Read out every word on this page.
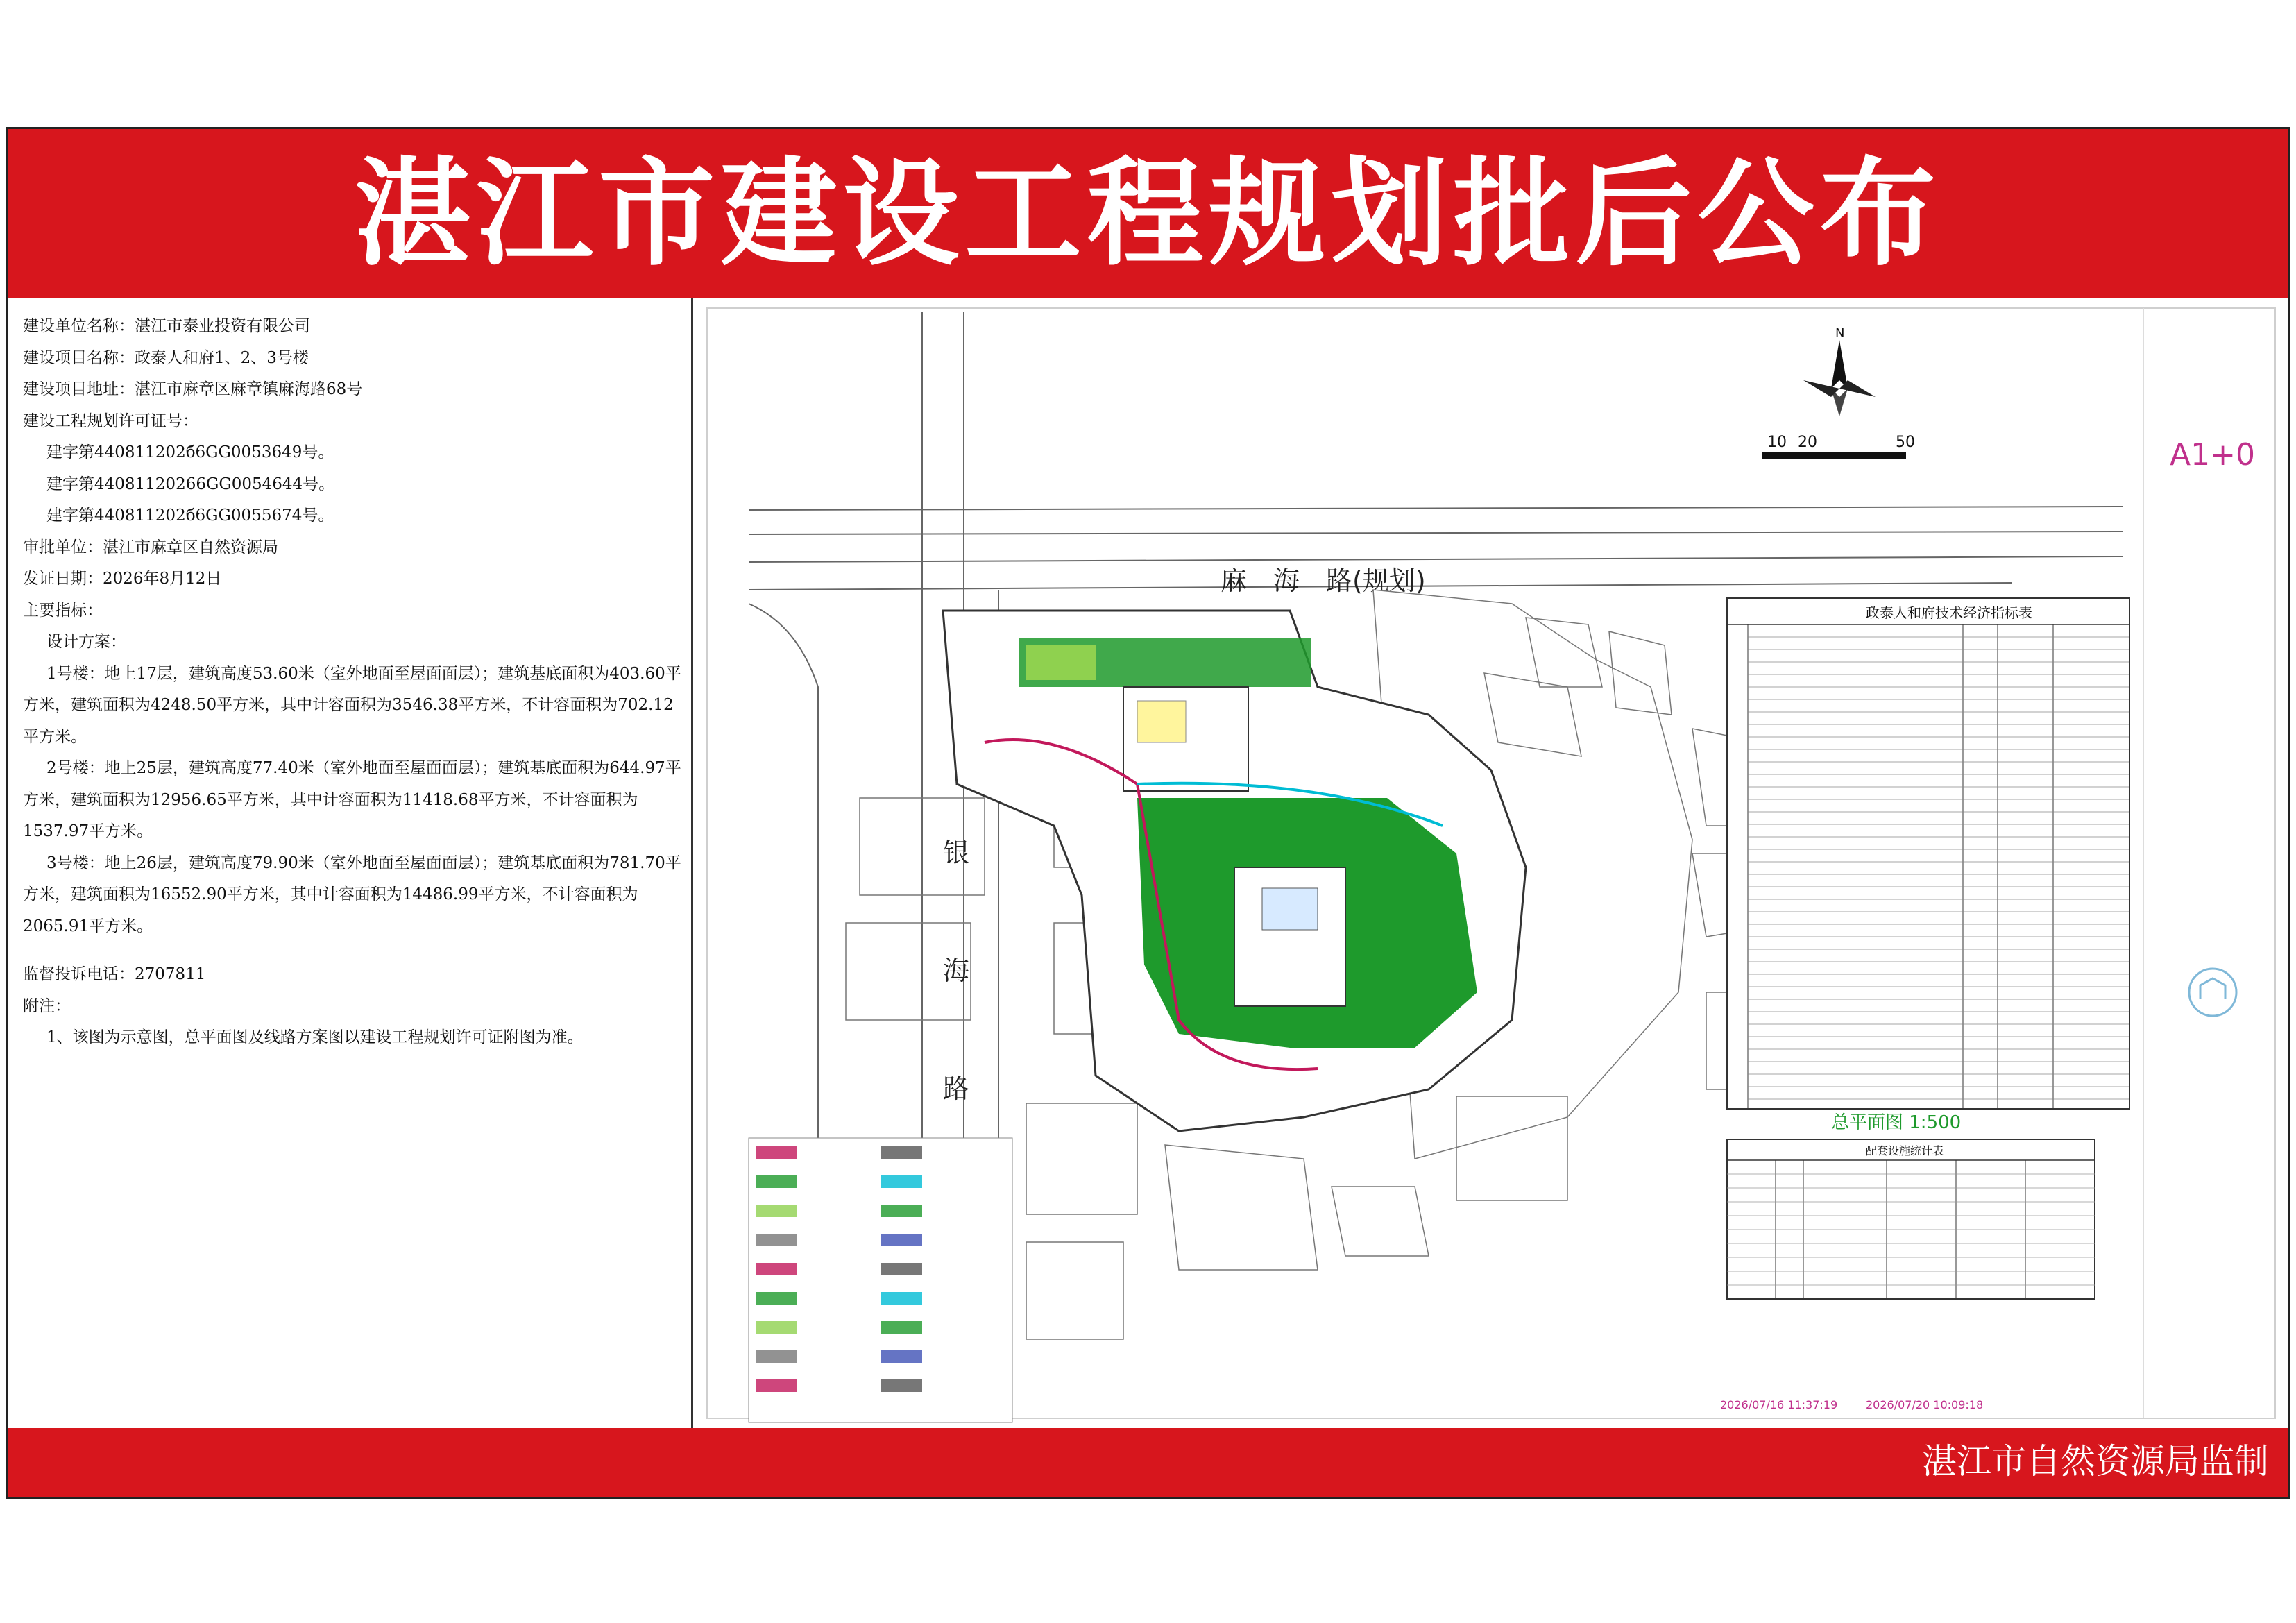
湛江市建设工程规划批后公布
建设单位名称：湛江市泰业投资有限公司
建设项目名称：政泰人和府1、2、3号楼
建设项目地址：湛江市麻章区麻章镇麻海路68号
建设工程规划许可证号：
建字第440811202б6GG0053649号。
建字第44081120266GG0054644号。
建字第440811202б6GG0055674号。
审批单位：湛江市麻章区自然资源局
发证日期：2026年8月12日
主要指标：
设计方案：
1号楼：地上17层，建筑高度53.60米（室外地面至屋面面层）；建筑基底面积为403.60平方米，建筑面积为4248.50平方米，其中计容面积为3546.38平方米，不计容面积为702.12平方米。
2号楼：地上25层，建筑高度77.40米（室外地面至屋面面层）；建筑基底面积为644.97平方米，建筑面积为12956.65平方米，其中计容面积为11418.68平方米，不计容面积为1537.97平方米。
3号楼：地上26层，建筑高度79.90米（室外地面至屋面面层）；建筑基底面积为781.70平方米，建筑面积为16552.90平方米，其中计容面积为14486.99平方米，不计容面积为2065.91平方米。
监督投诉电话：2707811
附注：
1、该图为示意图，总平面图及线路方案图以建设工程规划许可证附图为准。
N
10 20	50	A1+0
麻　海　路(规划)
银
海
路
政泰人和府技术经济指标表
总平面图 1:500
配套设施统计表
2026/07/16 11:37:19	2026/07/20 10:09:18
湛江市自然资源局监制
